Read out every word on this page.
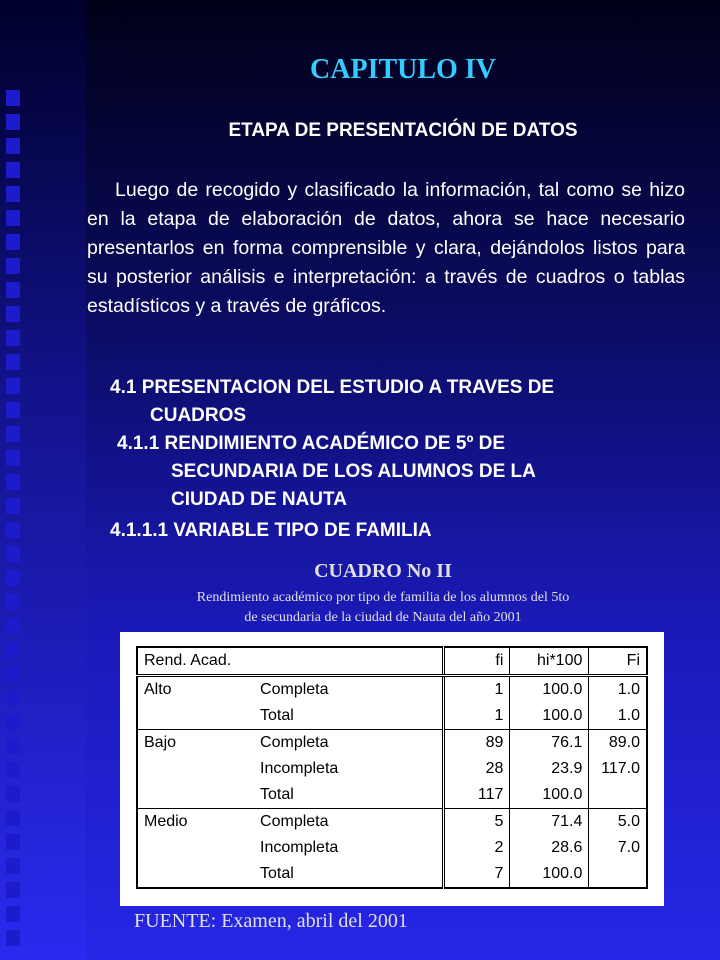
CAPITULO IV
ETAPA DE PRESENTACIÓN DE DATOS
Luego de recogido y clasificado la información, tal como se hizo en la etapa de elaboración de datos, ahora se hace necesario presentarlos en forma comprensible y clara, dejándolos listos para su posterior análisis e interpretación: a través de cuadros o tablas estadísticos y a través de gráficos.
4.1 PRESENTACION DEL ESTUDIO A TRAVES DE
CUADROS
4.1.1 RENDIMIENTO ACADÉMICO DE 5º DE
SECUNDARIA DE LOS ALUMNOS DE LA
CIUDAD DE NAUTA
4.1.1.1 VARIABLE TIPO DE FAMILIA
CUADRO No II
Rendimiento académico por tipo de familia de los alumnos del 5to
de secundaria de la ciudad de Nauta del año 2001
Rend. Acad.		fi	hi*100	Fi
Alto	Completa	1	100.0	1.0
	Total	1	100.0	1.0
Bajo	Completa	89	76.1	89.0
	Incompleta	28	23.9	117.0
	Total	117	100.0	
Medio	Completa	5	71.4	5.0
	Incompleta	2	28.6	7.0
	Total	7	100.0	
FUENTE: Examen, abril del 2001
